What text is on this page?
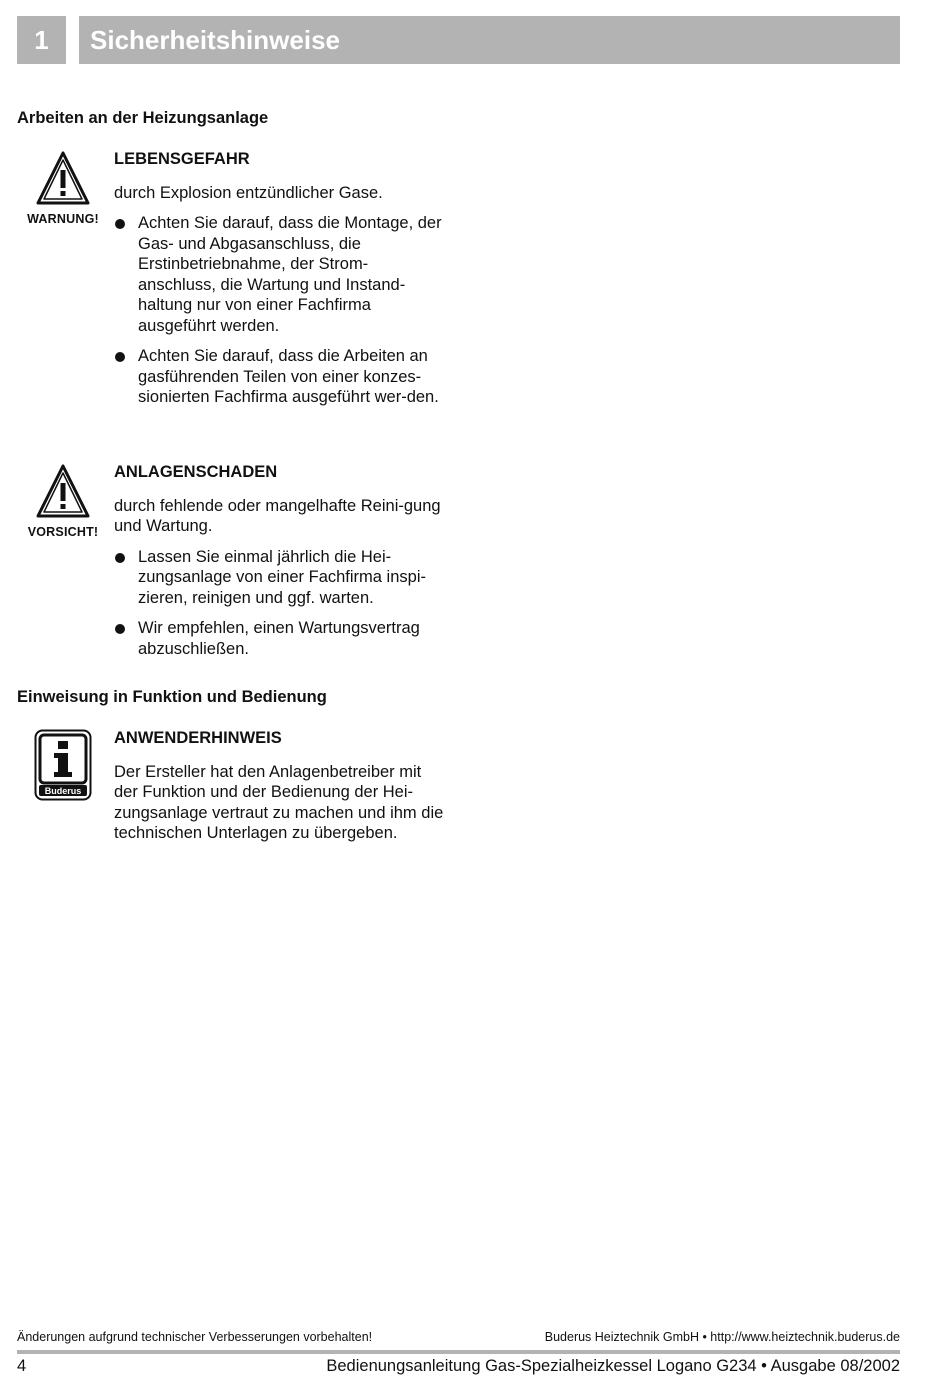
1	Sicherheitshinweise
Arbeiten an der Heizungsanlage
WARNUNG!
LEBENSGEFAHR
durch Explosion entzündlicher Gase.
Achten Sie darauf, dass die Montage, der Gas- und Abgasanschluss, die Erstinbetriebnahme, der Strom-anschluss, die Wartung und Instand-haltung nur von einer Fachfirma ausgeführt werden.
Achten Sie darauf, dass die Arbeiten an gasführenden Teilen von einer konzes-sionierten Fachfirma ausgeführt wer-den.
VORSICHT!
ANLAGENSCHADEN
durch fehlende oder mangelhafte Reini-gung und Wartung.
Lassen Sie einmal jährlich die Hei-zungsanlage von einer Fachfirma inspi-zieren, reinigen und ggf. warten.
Wir empfehlen, einen Wartungsvertrag abzuschließen.
Einweisung in Funktion und Bedienung
Buderus
ANWENDERHINWEIS
Der Ersteller hat den Anlagenbetreiber mit der Funktion und der Bedienung der Hei-zungsanlage vertraut zu machen und ihm die technischen Unterlagen zu übergeben.
Änderungen aufgrund technischer Verbesserungen vorbehalten!	Buderus Heiztechnik GmbH • http://www.heiztechnik.buderus.de
4	Bedienungsanleitung Gas-Spezialheizkessel Logano G234 • Ausgabe 08/2002
